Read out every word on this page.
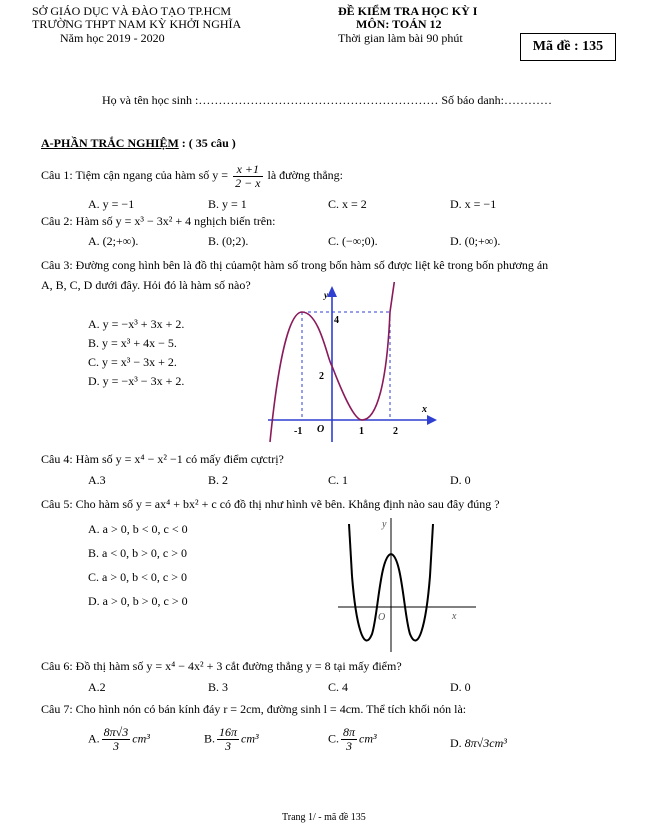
SỞ GIÁO DỤC VÀ ĐÀO TẠO TP.HCM
TRƯỜNG THPT NAM KỲ KHỞI NGHĨA
Năm học 2019 - 2020
ĐỀ KIỂM TRA HỌC KỲ I
MÔN: TOÁN 12
Thời gian làm bài 90 phút
Mã đề : 135
Họ và tên học sinh :…………………………………………………… Số báo danh:…………
A-PHẦN TRẮC NGHIỆM : ( 35 câu )
Câu 1: Tiệm cận ngang của hàm số $y = \frac{x +1}{2 - x}$ là đường thẳng:
A. y = −1	B. y = 1	C. x = 2	D. x = −1
Câu 2: Hàm số y = x³ − 3x² + 4 nghịch biến trên:
A. (2;+∞).	B. (0;2).	C. (−∞;0).	D. (0;+∞).
Câu 3: Đường cong hình bên là đồ thị củamột hàm số trong bốn hàm số được liệt kê trong bốn phương án
A, B, C, D dưới đây. Hỏi đó là hàm số nào?
A. y = −x³ + 3x + 2.
B. y = x³ + 4x − 5.
C. y = x³ − 3x + 2.
D. y = −x³ − 3x + 2.
y
x
4
2
-1 O	1	2
Câu 4: Hàm số y = x⁴ − x² −1 có mấy điểm cựctrị?
A.3	B. 2	C. 1	D. 0
Câu 5: Cho hàm số y = ax⁴ + bx² + c có đồ thị như hình vẽ bên. Khẳng định nào sau đây đúng ?
A. a > 0, b < 0, c < 0
B. a < 0, b > 0, c > 0
C. a > 0, b < 0, c > 0
D. a > 0, b > 0, c > 0
y
x
O
Câu 6: Đồ thị hàm số y = x⁴ − 4x² + 3 cắt đường thẳng y = 8 tại mấy điểm?
A.2	B. 3	C. 4	D. 0
Câu 7: Cho hình nón có bán kính đáy r = 2cm, đường sinh l = 4cm. Thể tích khối nón là:
A. $\frac{8\pi√3}{3} cm^3$	B. $\frac{16\pi}{3} cm^3$	C. $\frac{8\pi}{3} cm^3$	D. 8π√3cm³
Trang 1/ - mã đề 135
